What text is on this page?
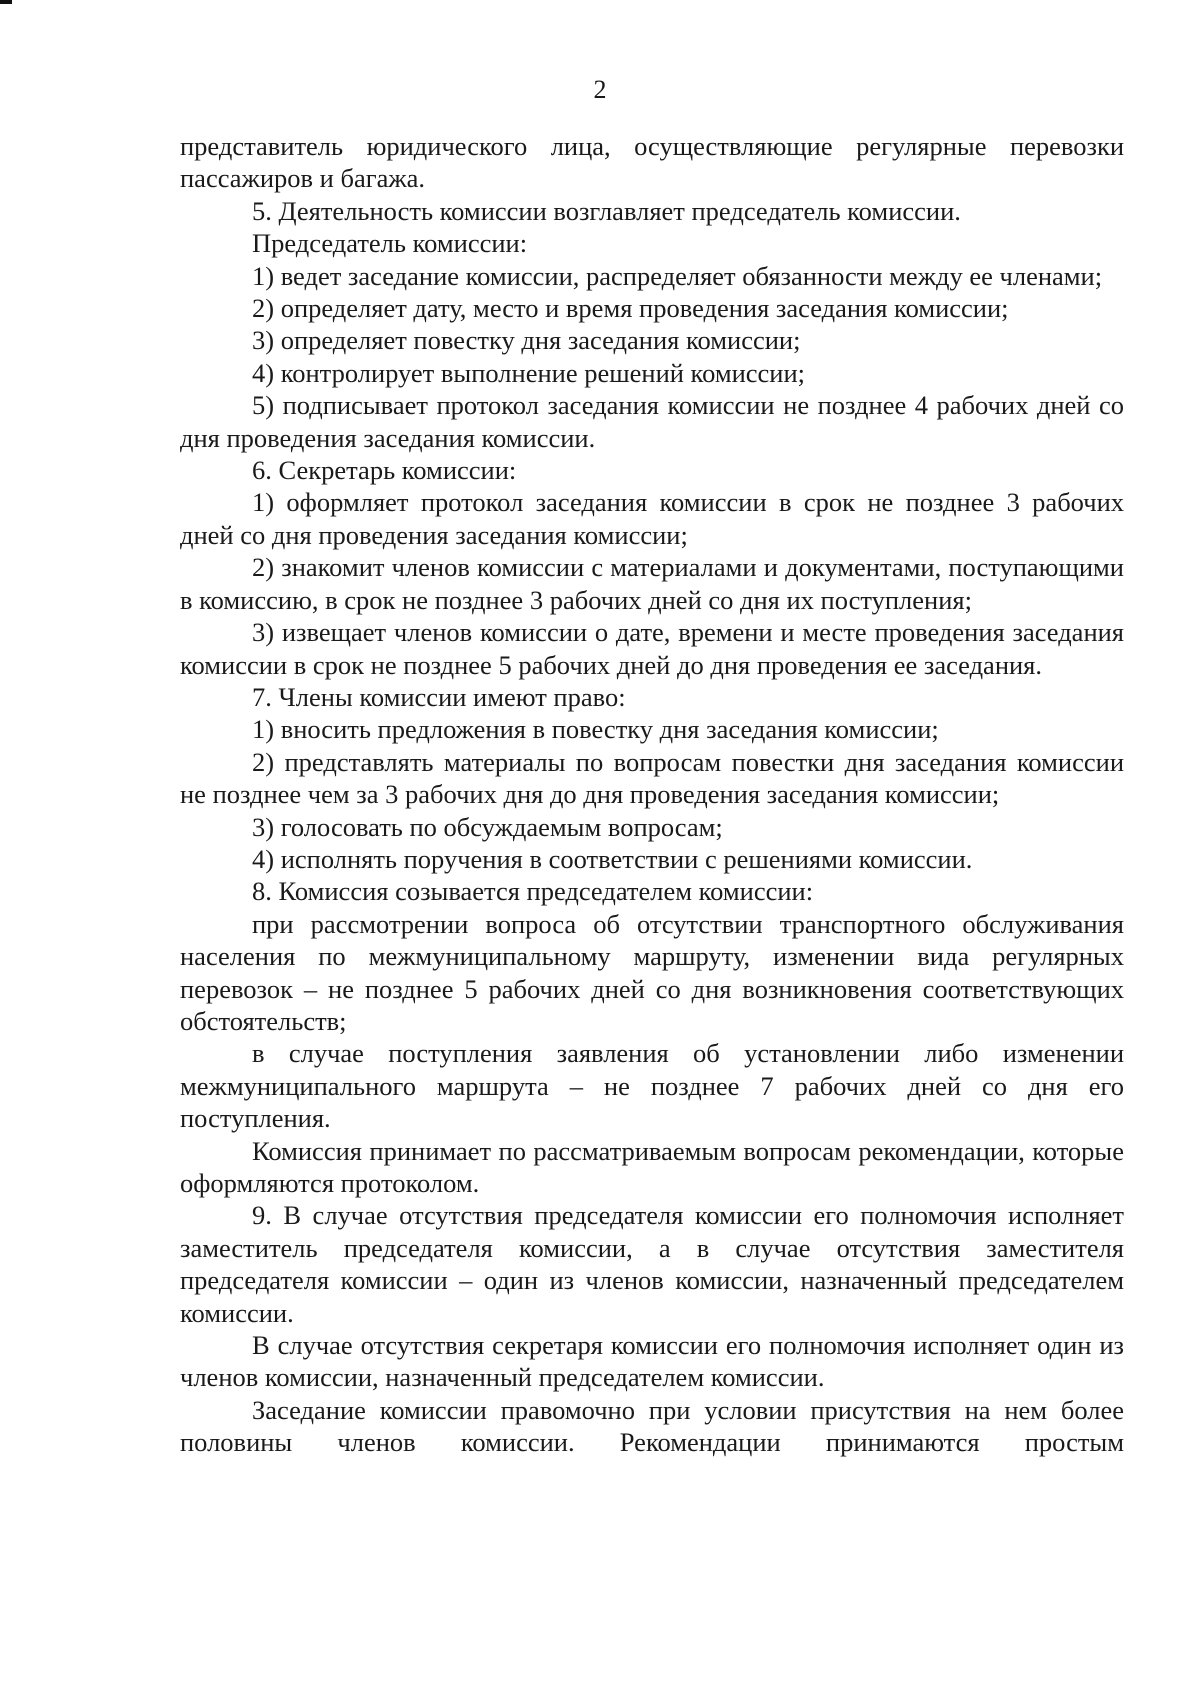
2

представитель юридического лица, осуществляющие регулярные перевозки пассажиров и багажа.

5. Деятельность комиссии возглавляет председатель комиссии.

Председатель комиссии:

1) ведет заседание комиссии, распределяет обязанности между ее членами;

2) определяет дату, место и время проведения заседания комиссии;

3) определяет повестку дня заседания комиссии;

4) контролирует выполнение решений комиссии;

5) подписывает протокол заседания комиссии не позднее 4 рабочих дней со дня проведения заседания комиссии.

6. Секретарь комиссии:

1) оформляет протокол заседания комиссии в срок не позднее 3 рабочих дней со дня проведения заседания комиссии;

2) знакомит членов комиссии с материалами и документами, поступающими в комиссию, в срок не позднее 3 рабочих дней со дня их поступления;

3) извещает членов комиссии о дате, времени и месте проведения заседания комиссии в срок не позднее 5 рабочих дней до дня проведения ее заседания.

7. Члены комиссии имеют право:

1) вносить предложения в повестку дня заседания комиссии;

2) представлять материалы по вопросам повестки дня заседания комиссии не позднее чем за 3 рабочих дня до дня проведения заседания комиссии;

3) голосовать по обсуждаемым вопросам;

4) исполнять поручения в соответствии с решениями комиссии.

8. Комиссия созывается председателем комиссии:

при рассмотрении вопроса об отсутствии транспортного обслуживания населения по межмуниципальному маршруту, изменении вида регулярных перевозок – не позднее 5 рабочих дней со дня возникновения соответствующих обстоятельств;

в случае поступления заявления об установлении либо изменении межмуниципального маршрута – не позднее 7 рабочих дней со дня его поступления.

Комиссия принимает по рассматриваемым вопросам рекомендации, которые оформляются протоколом.

9. В случае отсутствия председателя комиссии его полномочия исполняет заместитель председателя комиссии, а в случае отсутствия заместителя председателя комиссии – один из членов комиссии, назначенный председателем комиссии.

В случае отсутствия секретаря комиссии его полномочия исполняет один из членов комиссии, назначенный председателем комиссии.

Заседание комиссии правомочно при условии присутствия на нем более половины членов комиссии. Рекомендации принимаются простым
